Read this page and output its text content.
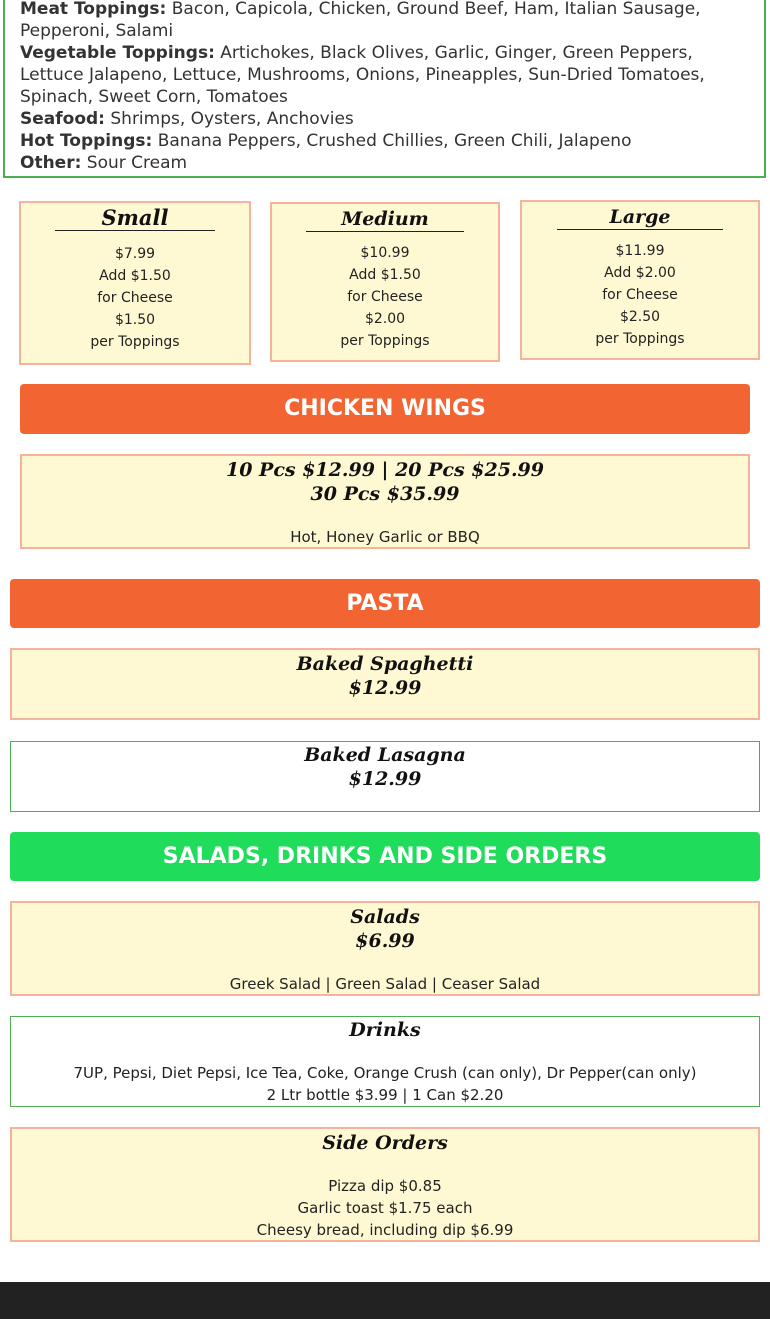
Meat Toppings: Bacon, Capicola, Chicken, Ground Beef, Ham, Italian Sausage, Pepperoni, Salami

Vegetable Toppings: Artichokes, Black Olives, Garlic, Ginger, Green Peppers, Lettuce Jalapeno, Lettuce, Mushrooms, Onions, Pineapples, Sun-Dried Tomatoes, Spinach, Sweet Corn, Tomatoes

Seafood: Shrimps, Oysters, Anchovies

Hot Toppings: Banana Peppers, Crushed Chillies, Green Chili, Jalapeno

Other: Sour Cream

Small
$7.99
Add $1.50
for Cheese
$1.50
per Toppings
Medium
$10.99
Add $1.50
for Cheese
$2.00
per Toppings
Large
$11.99
Add $2.00
for Cheese
$2.50
per Toppings
CHICKEN WINGS
10 Pcs $12.99 | 20 Pcs $25.99
30 Pcs $35.99
Hot, Honey Garlic or BBQ
PASTA
Baked Spaghetti
$12.99
Baked Lasagna
$12.99
SALADS, DRINKS AND SIDE ORDERS
Salads
$6.99
Greek Salad | Green Salad | Ceaser Salad
Drinks
7UP, Pepsi, Diet Pepsi, Ice Tea, Coke, Orange Crush (can only), Dr Pepper(can only)
2 Ltr bottle $3.99 | 1 Can $2.20
Side Orders
Pizza dip $0.85
Garlic toast $1.75 each
Cheesy bread, including dip $6.99
